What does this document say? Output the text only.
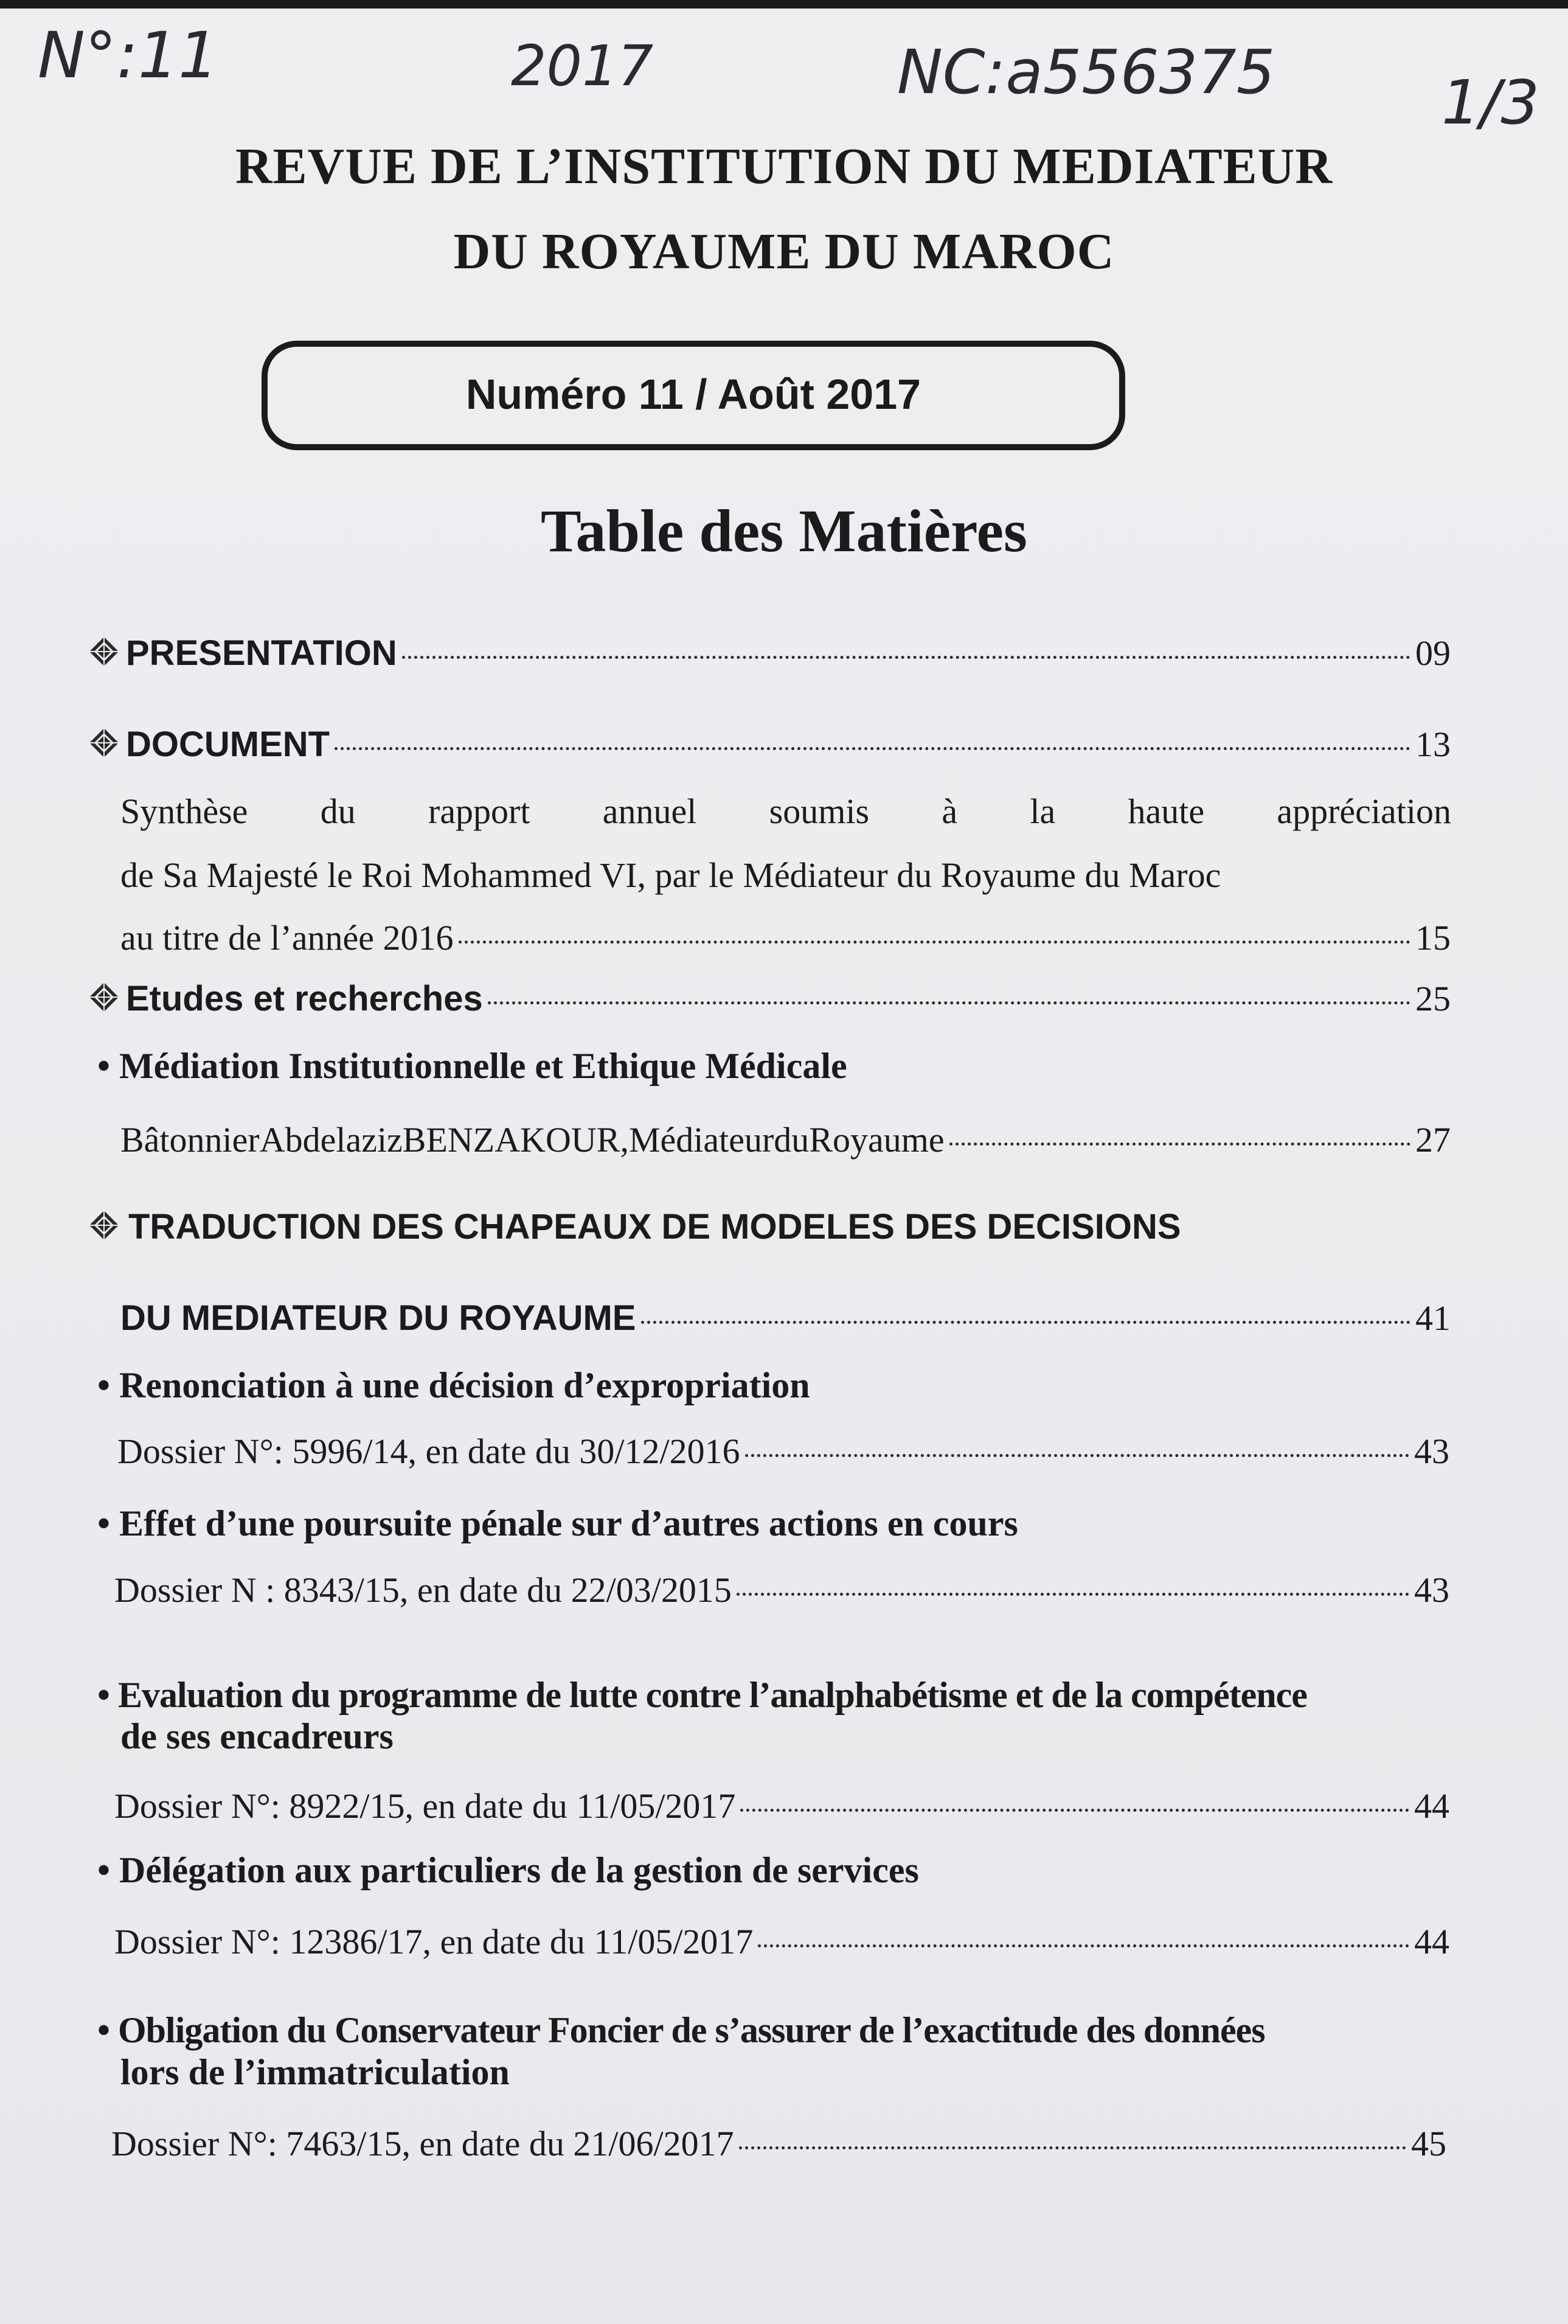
N°:11	2017	NC:a556375	1/3
REVUE DE L’INSTITUTION DU MEDIATEUR
DU ROYAUME DU MAROC
Numéro 11 / Août 2017
Table des Matières
PRESENTATION	09
DOCUMENT	13
Synthèse du rapport annuel soumis à la haute appréciation
de Sa Majesté le Roi Mohammed VI, par le Médiateur du Royaume du Maroc
au titre de l’année 2016	15
Etudes et recherches	25
• Médiation Institutionnelle et Ethique Médicale
BâtonnierAbdelazizBENZAKOUR,MédiateurduRoyaume	27
TRADUCTION DES CHAPEAUX DE MODELES DES DECISIONS
DU MEDIATEUR DU ROYAUME	41
• Renonciation à une décision d’expropriation
Dossier N°: 5996/14, en date du 30/12/2016	43
• Effet d’une poursuite pénale sur d’autres actions en cours
Dossier N : 8343/15, en date du 22/03/2015	43
• Evaluation du programme de lutte contre l’analphabétisme et de la compétence
de ses encadreurs
Dossier N°: 8922/15, en date du 11/05/2017	44
• Délégation aux particuliers de la gestion de services
Dossier N°: 12386/17, en date du 11/05/2017	44
• Obligation du Conservateur Foncier de s’assurer de l’exactitude des données
lors de l’immatriculation
Dossier N°: 7463/15, en date du 21/06/2017	45
